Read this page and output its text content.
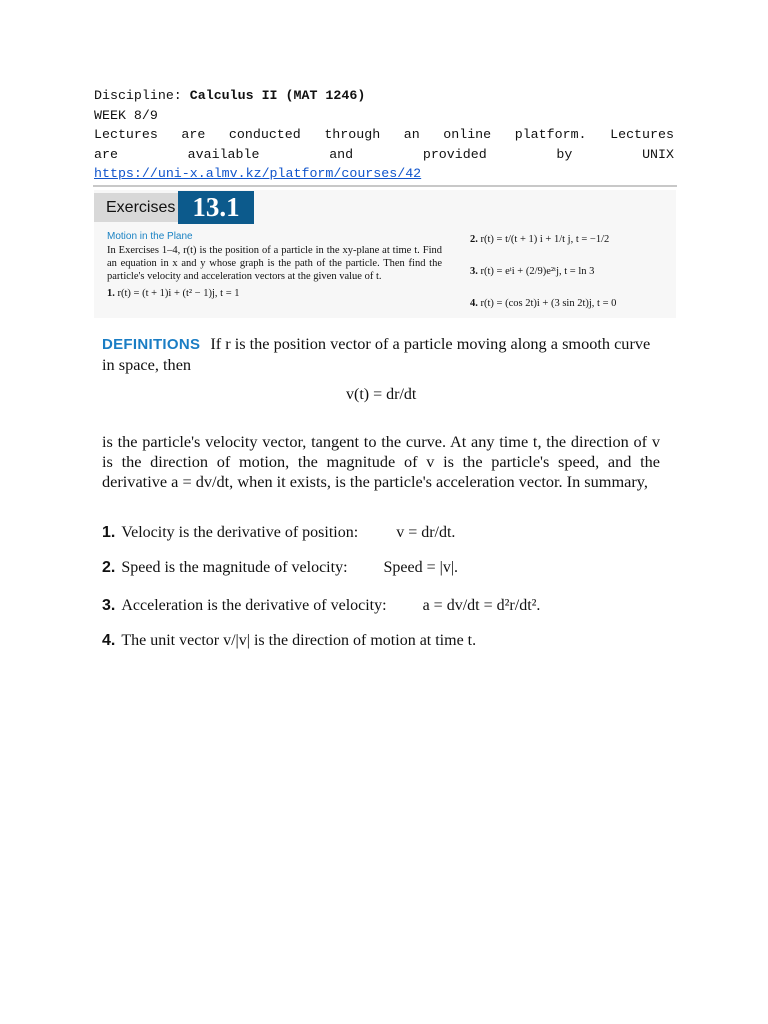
Discipline: Calculus II (MAT 1246)
WEEK 8/9
Lectures are conducted through an online platform. Lectures
are	available	and	provided	by	UNIX
https://uni-x.almv.kz/platform/courses/42
Exercises 13.1
Motion in the Plane
In Exercises 1–4, r(t) is the position of a particle in the xy-plane at time t. Find an equation in x and y whose graph is the path of the particle. Then find the particle's velocity and acceleration vectors at the given value of t.
1. r(t) = (t + 1)i + (t² − 1)j, t = 1
2. r(t) = t/(t + 1) i + 1/t j, t = −1/2
3. r(t) = eᵗi + (2/9)e²ᵗj, t = ln 3
4. r(t) = (cos 2t)i + (3 sin 2t)j, t = 0
DEFINITIONS If r is the position vector of a particle moving along a smooth curve in space, then
v(t) = dr/dt
is the particle's velocity vector, tangent to the curve. At any time t, the direction of v is the direction of motion, the magnitude of v is the particle's speed, and the derivative a = dv/dt, when it exists, is the particle's acceleration vector. In summary,
1. Velocity is the derivative of position: v = dr/dt.
2. Speed is the magnitude of velocity: Speed = |v|.
3. Acceleration is the derivative of velocity: a = dv/dt = d²r/dt².
4. The unit vector v/|v| is the direction of motion at time t.
